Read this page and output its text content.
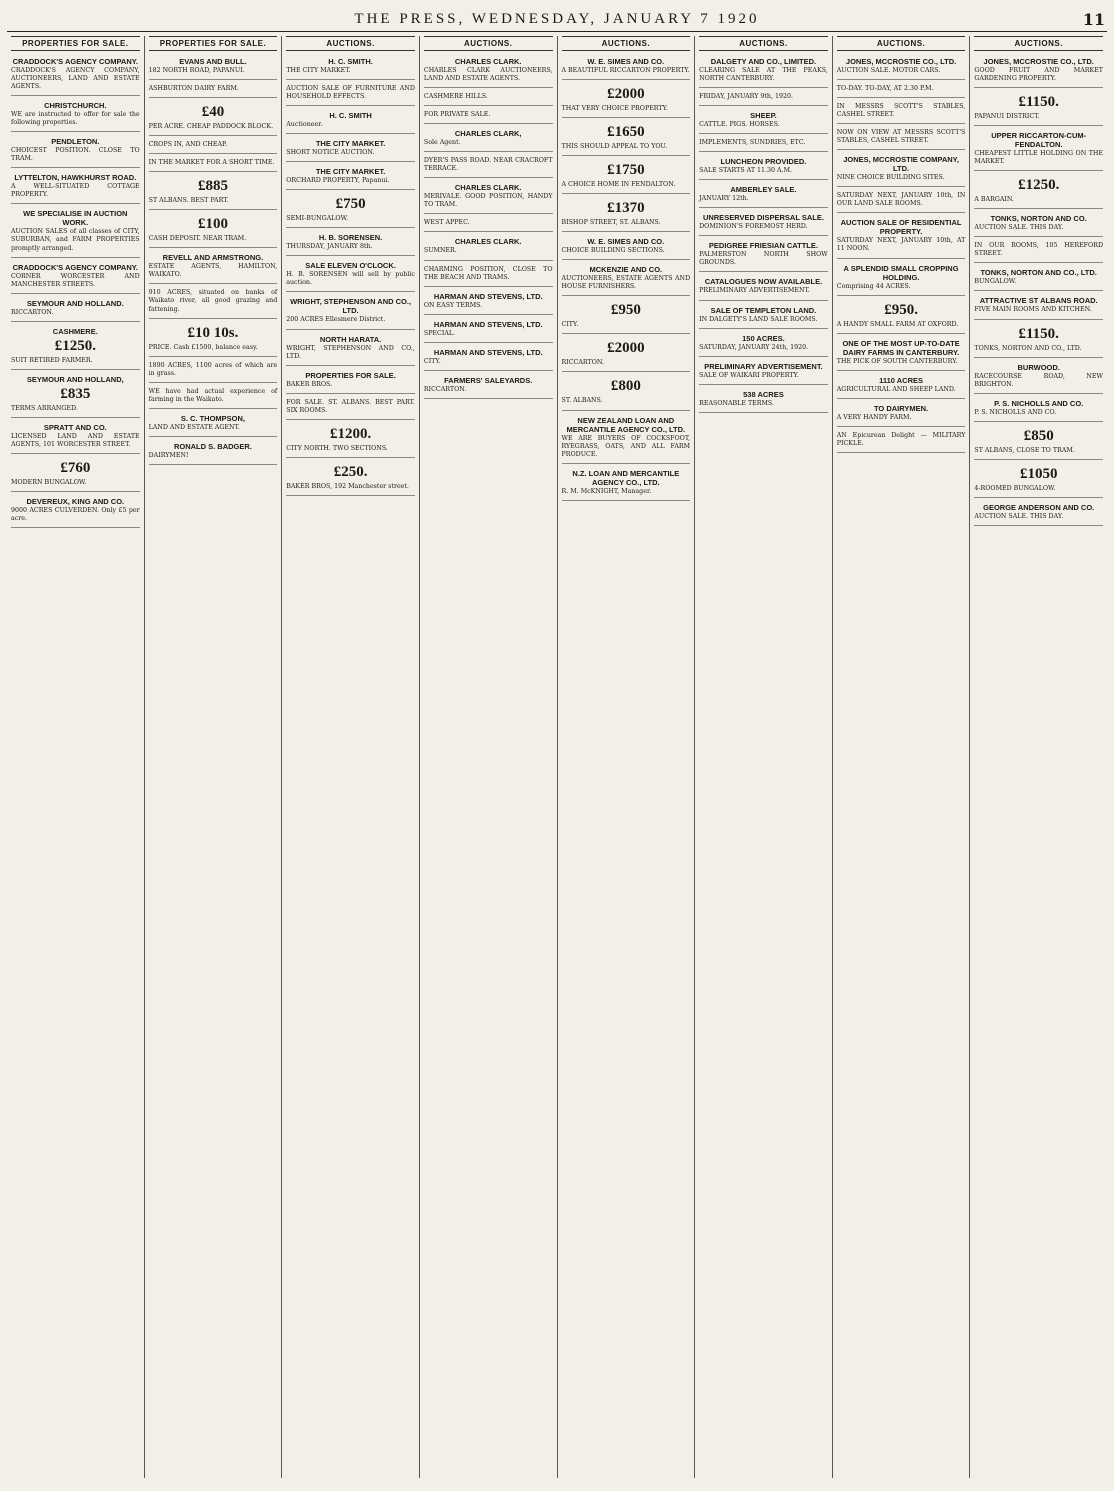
THE PRESS, WEDNESDAY, JANUARY 7 1920	11
PROPERTIES FOR SALE.
CRADDOCK'S AGENCY COMPANY.
CRADDOCK'S AGENCY COMPANY, AUCTIONEERS, LAND AND ESTATE AGENTS.
CHRISTCHURCH.
WE are instructed to offer for sale the following properties.
PENDLETON.
CHOICEST POSITION. CLOSE TO TRAM.
LYTTELTON, HAWKHURST ROAD.
A WELL-SITUATED COTTAGE PROPERTY.
WE SPECIALISE IN AUCTION WORK.
AUCTION SALES of all classes of CITY, SUBURBAN, and FARM PROPERTIES promptly arranged.
CRADDOCK'S AGENCY COMPANY.
CORNER WORCESTER AND MANCHESTER STREETS.
SEYMOUR AND HOLLAND.
RICCARTON.
CASHMERE.
£1250.
SUIT RETIRED FARMER.
SEYMOUR AND HOLLAND,
£835
TERMS ARRANGED.
SPRATT AND CO.
LICENSED LAND AND ESTATE AGENTS, 101 WORCESTER STREET.
£760
MODERN BUNGALOW.
DEVEREUX, KING AND CO.
9000 ACRES CULVERDEN. Only £5 per acre.
PROPERTIES FOR SALE.
EVANS AND BULL.
182 NORTH ROAD, PAPANUI.
ASHBURTON DAIRY FARM.
£40
PER ACRE. CHEAP PADDOCK BLOCK.
CROPS IN, AND CHEAP.
IN THE MARKET FOR A SHORT TIME.
£885
ST ALBANS. BEST PART.
£100
CASH DEPOSIT. NEAR TRAM.
REVELL AND ARMSTRONG.
ESTATE AGENTS, HAMILTON, WAIKATO.
910 ACRES, situated on banks of Waikato river, all good grazing and fattening.
£10 10s.
PRICE. Cash £1500, balance easy.
1890 ACRES, 1100 acres of which are in grass.
WE have had actual experience of farming in the Waikato.
S. C. THOMPSON,
LAND AND ESTATE AGENT.
RONALD S. BADGER.
DAIRYMEN!
AUCTIONS.
H. C. SMITH.
THE CITY MARKET.
AUCTION SALE OF FURNITURE AND HOUSEHOLD EFFECTS.
H. C. SMITH
Auctioneer.
THE CITY MARKET.
SHORT NOTICE AUCTION.
THE CITY MARKET.
ORCHARD PROPERTY, Papanui.
£750
SEMI-BUNGALOW.
H. B. SORENSEN.
THURSDAY, JANUARY 8th.
SALE ELEVEN O'CLOCK.
H. B. SORENSEN will sell by public auction.
WRIGHT, STEPHENSON AND CO., LTD.
200 ACRES Ellesmere District.
NORTH HARATA.
WRIGHT, STEPHENSON AND CO., LTD.
PROPERTIES FOR SALE.
BAKER BROS.
FOR SALE. ST. ALBANS. BEST PART. SIX ROOMS.
£1200.
CITY NORTH. TWO SECTIONS.
£250.
BAKER BROS, 192 Manchester street.
AUCTIONS.
CHARLES CLARK.
CHARLES CLARK AUCTIONEERS, LAND AND ESTATE AGENTS.
CASHMERE HILLS.
FOR PRIVATE SALE.
CHARLES CLARK,
Sole Agent.
DYER'S PASS ROAD. NEAR CRACROFT TERRACE.
CHARLES CLARK.
MERIVALE. GOOD POSITION, HANDY TO TRAM.
WEST APPEC.
CHARLES CLARK.
SUMNER.
CHARMING POSITION, CLOSE TO THE BEACH AND TRAMS.
HARMAN AND STEVENS, LTD.
ON EASY TERMS.
HARMAN AND STEVENS, LTD.
SPECIAL.
HARMAN AND STEVENS, LTD.
CITY.
FARMERS' SALEYARDS.
RICCARTON.
AUCTIONS.
W. E. SIMES AND CO.
A BEAUTIFUL RICCARTON PROPERTY.
£2000
THAT VERY CHOICE PROPERTY.
£1650
THIS SHOULD APPEAL TO YOU.
£1750
A CHOICE HOME IN FENDALTON.
£1370
BISHOP STREET, ST. ALBANS.
W. E. SIMES AND CO.
CHOICE BUILDING SECTIONS.
MCKENZIE AND CO.
AUCTIONEERS, ESTATE AGENTS AND HOUSE FURNISHERS.
£950
CITY.
£2000
RICCARTON.
£800
ST. ALBANS.
NEW ZEALAND LOAN AND MERCANTILE AGENCY CO., LTD.
WE ARE BUYERS OF COCKSFOOT, RYEGRASS, OATS, AND ALL FARM PRODUCE.
N.Z. LOAN AND MERCANTILE AGENCY CO., LTD.
R. M. McKNIGHT, Manager.
AUCTIONS.
DALGETY AND CO., LIMITED.
CLEARING SALE AT THE PEAKS, NORTH CANTERBURY.
FRIDAY, JANUARY 9th, 1920.
SHEEP.
CATTLE. PIGS. HORSES.
IMPLEMENTS, SUNDRIES, ETC.
LUNCHEON PROVIDED.
SALE STARTS AT 11.30 A.M.
AMBERLEY SALE.
JANUARY 12th.
UNRESERVED DISPERSAL SALE.
DOMINION'S FOREMOST HERD.
PEDIGREE FRIESIAN CATTLE.
PALMERSTON NORTH SHOW GROUNDS.
CATALOGUES NOW AVAILABLE.
PRELIMINARY ADVERTISEMENT.
SALE OF TEMPLETON LAND.
IN DALGETY'S LAND SALE ROOMS.
150 ACRES.
SATURDAY, JANUARY 24th, 1920.
PRELIMINARY ADVERTISEMENT.
SALE OF WAIKARI PROPERTY.
538 ACRES
REASONABLE TERMS.
AUCTIONS.
JONES, MCCROSTIE CO., LTD.
AUCTION SALE. MOTOR CARS.
TO-DAY. TO-DAY, AT 2.30 P.M.
IN MESSRS SCOTT'S STABLES, CASHEL STREET.
NOW ON VIEW AT MESSRS SCOTT'S STABLES, CASHEL STREET.
JONES, MCCROSTIE COMPANY, LTD.
NINE CHOICE BUILDING SITES.
SATURDAY NEXT, JANUARY 10th, IN OUR LAND SALE ROOMS.
AUCTION SALE OF RESIDENTIAL PROPERTY.
SATURDAY NEXT, JANUARY 10th, AT 11 NOON.
A SPLENDID SMALL CROPPING HOLDING.
Comprising 44 ACRES.
£950.
A HANDY SMALL FARM AT OXFORD.
ONE OF THE MOST UP-TO-DATE DAIRY FARMS IN CANTERBURY.
THE PICK OF SOUTH CANTERBURY.
1110 ACRES
AGRICULTURAL AND SHEEP LAND.
TO DAIRYMEN.
A VERY HANDY FARM.
AN Epicurean Delight — MILITARY PICKLE.
AUCTIONS.
JONES, MCCROSTIE CO., LTD.
GOOD FRUIT AND MARKET GARDENING PROPERTY.
£1150.
PAPANUI DISTRICT.
UPPER RICCARTON-CUM-FENDALTON.
CHEAPEST LITTLE HOLDING ON THE MARKET.
£1250.
A BARGAIN.
TONKS, NORTON AND CO.
AUCTION SALE. THIS DAY.
IN OUR ROOMS, 105 HEREFORD STREET.
TONKS, NORTON AND CO., LTD.
BUNGALOW.
ATTRACTIVE ST ALBANS ROAD.
FIVE MAIN ROOMS AND KITCHEN.
£1150.
TONKS, NORTON AND CO., LTD.
BURWOOD.
RACECOURSE ROAD, NEW BRIGHTON.
P. S. NICHOLLS AND CO.
P. S. NICHOLLS AND CO.
£850
ST ALBANS, CLOSE TO TRAM.
£1050
4-ROOMED BUNGALOW.
GEORGE ANDERSON AND CO.
AUCTION SALE. THIS DAY.
